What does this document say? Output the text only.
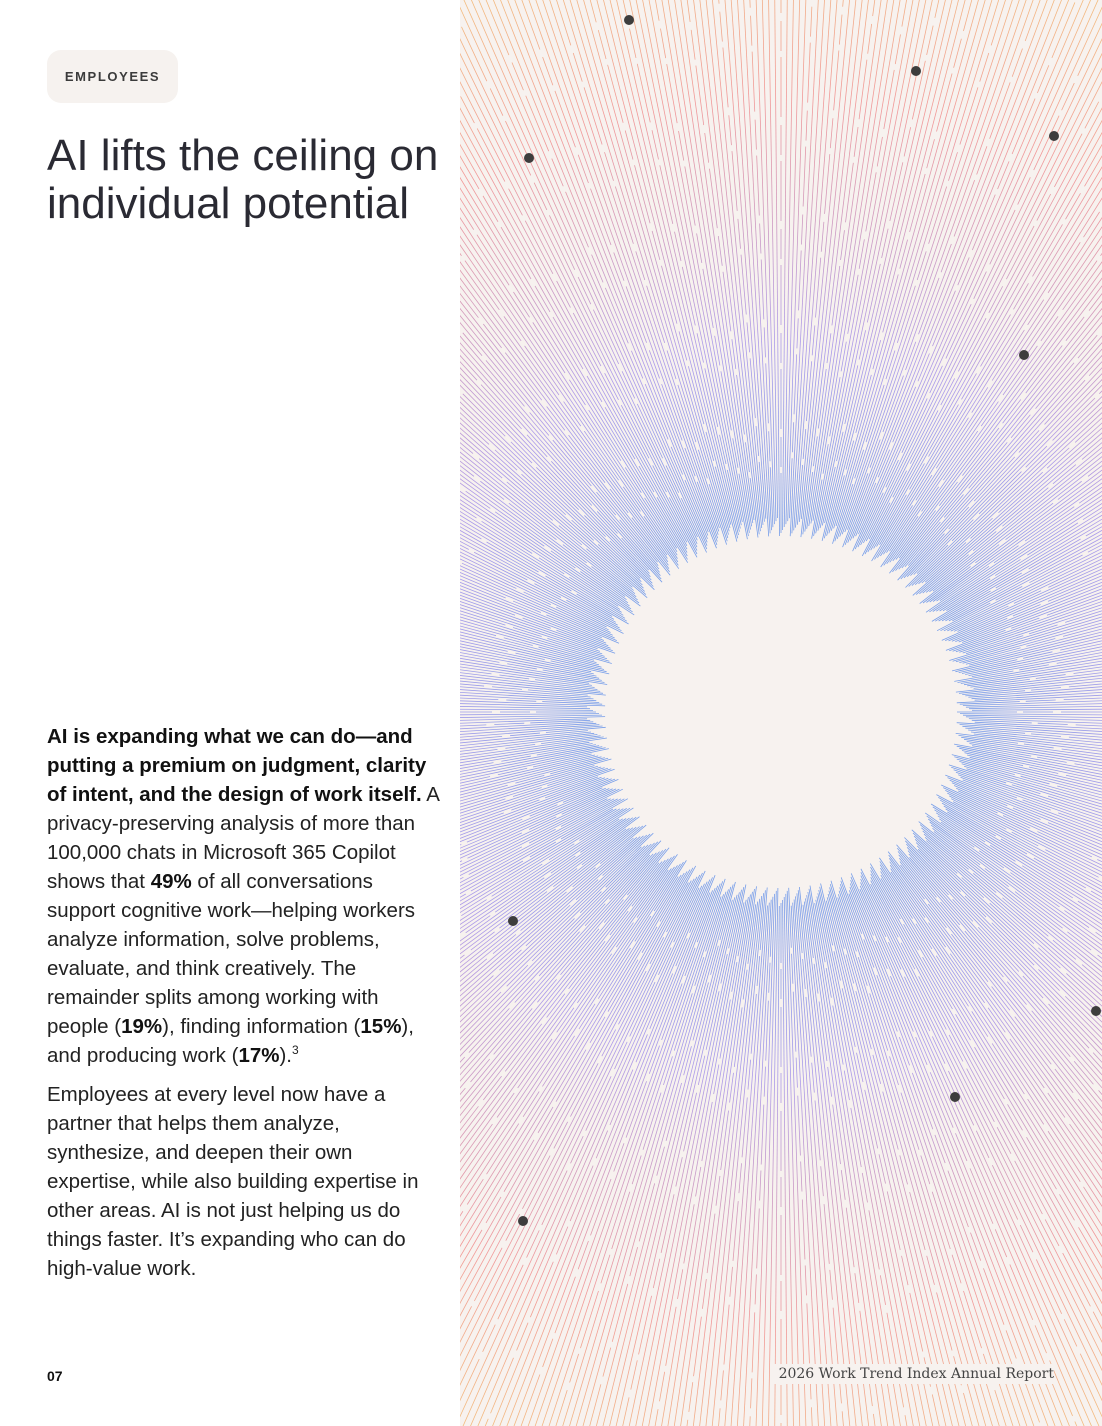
EMPLOYEES
AI lifts the ceiling on individual potential

AI is expanding what we can do—and putting a premium on judgment, clarity of intent, and the design of work itself. A privacy-preserving analysis of more than 100,000 chats in Microsoft 365 Copilot shows that 49% of all conversations support cognitive work—helping workers analyze information, solve problems, evaluate, and think creatively. The remainder splits among working with people (19%), finding information (15%), and producing work (17%).$^3$

Employees at every level now have a partner that helps them analyze, synthesize, and deepen their own expertise, while also building expertise in other areas. AI is not just helping us do things faster. It’s expanding who can do high-value work.

07	2026 Work Trend Index Annual Report
